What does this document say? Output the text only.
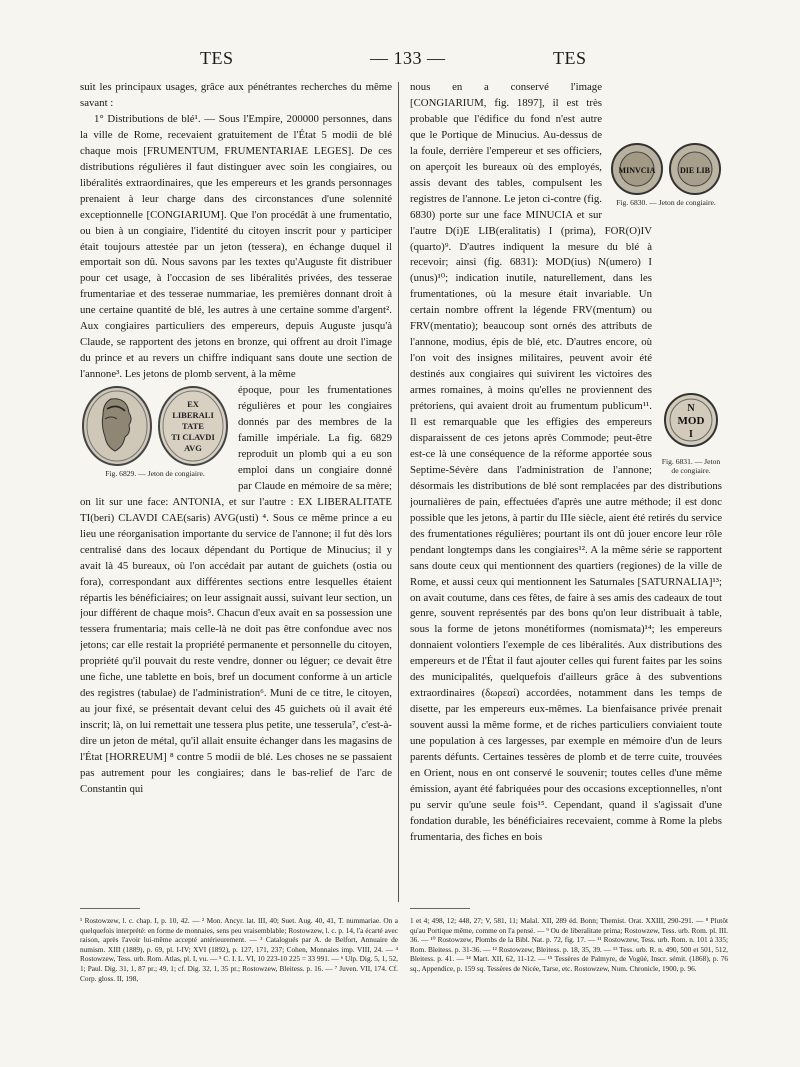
TES	— 133 —	TES

suit les principaux usages, grâce aux pénétrantes recherches du même savant :

1° Distributions de blé¹. — Sous l'Empire, 200000 personnes, dans la ville de Rome, recevaient gratuitement de l'État 5 modii de blé chaque mois [FRUMENTUM, FRUMENTARIAE LEGES]. De ces distributions régulières il faut distinguer avec soin les congiaires, ou libéralités extraordinaires, que les empereurs et les grands personnages prenaient à leur charge dans des circonstances d'une solennité exceptionnelle [CONGIARIUM]. Que l'on procédât à une frumentatio, ou bien à un congiaire, l'identité du citoyen inscrit pour y participer était toujours attestée par un jeton (tessera), en échange duquel il emportait son dû. Nous savons par les textes qu'Auguste fit distribuer pour cet usage, à l'occasion de ses libéralités privées, des tesserae frumentariae et des tesserae nummariae, les premières donnant droit à une certaine quantité de blé, les autres à une certaine somme d'argent². Aux congiaires particuliers des empereurs, depuis Auguste jusqu'à Claude, se rapportent des jetons en bronze, qui offrent au droit l'image du prince et au revers un chiffre indiquant sans doute une section de l'annone³. Les jetons de plomb servent, à la même

EX
LIBERALI
TATE
TI CLAVDI
AVG
Fig. 6829. — Jeton de congiaire.

époque, pour les frumentationes régulières et pour les congiaires donnés par des membres de la famille impériale. La fig. 6829 reproduit un plomb qui a eu son emploi dans un congiaire donné par Claude en mémoire de sa mère; on lit sur une face: ANTONIA, et sur l'autre : EX LIBERALITATE TI(beri) CLAVDI CAE(saris) AVG(usti) ⁴. Sous ce même prince a eu lieu une réorganisation importante du service de l'annone; il fut dès lors centralisé dans des locaux dépendant du Portique de Minucius; il y avait là 45 bureaux, où l'on accédait par autant de guichets (ostia ou fora), correspondant aux différentes sections entre lesquelles étaient répartis les bénéficiaires; on leur assignait aussi, suivant leur section, un jour différent de chaque mois⁵. Chacun d'eux avait en sa possession une tessera frumentaria; mais celle-là ne doit pas être confondue avec nos jetons; car elle restait la propriété permanente et personnelle du citoyen, propriété qu'il pouvait du reste vendre, donner ou léguer; ce devait être une fiche, une tablette en bois, bref un document conforme à un article des registres (tabulae) de l'administration⁶. Muni de ce titre, le citoyen, au jour fixé, se présentait devant celui des 45 guichets où il avait été inscrit; là, on lui remettait une tessera plus petite, une tesserula⁷, c'est-à-dire un jeton de métal, qu'il allait ensuite échanger dans les magasins de l'État [HORREUM] ⁸ contre 5 modii de blé. Les choses ne se passaient pas autrement pour les congiaires; dans le bas-relief de l'arc de Constantin qui

MINVCIA	DIE LIB
Fig. 6830. — Jeton de congiaire.
N
MOD
I
Fig. 6831. — Jeton de congiaire.

nous en a conservé l'image [CONGIARIUM, fig. 1897], il est très probable que l'édifice du fond n'est autre que le Portique de Minucius. Au-dessus de la foule, derrière l'empereur et ses officiers, on aperçoit les bureaux où des employés, assis devant des tables, compulsent les registres de l'annone. Le jeton ci-contre (fig. 6830) porte sur une face MINUCIA et sur l'autre D(i)E LIB(eralitatis) I (prima), FOR(O)IV (quarto)⁹. D'autres indiquent la mesure du blé à recevoir; ainsi (fig. 6831): MOD(ius) N(umero) I (unus)¹⁰; indication inutile, naturellement, dans les frumentationes, où la mesure était invariable. Un certain nombre offrent la légende FRV(mentum) ou FRV(mentatio); beaucoup sont ornés des attributs de l'annone, modius, épis de blé, etc. D'autres encore, où l'on voit des insignes militaires, peuvent avoir été destinés aux congiaires qui suivirent les victoires des armes romaines, à moins qu'elles ne proviennent des prétoriens, qui avaient droit au frumentum publicum¹¹. Il est remarquable que les effigies des empereurs disparaissent de ces jetons après Commode; peut-être est-ce là une conséquence de la réforme apportée sous Septime-Sévère dans l'administration de l'annone; désormais les distributions de blé sont remplacées par des distributions journalières de pain, effectuées d'après une autre méthode; il est donc possible que les jetons, à partir du IIIe siècle, aient été retirés du service des frumentationes régulières; pourtant ils ont dû jouer encore leur rôle pendant longtemps dans les congiaires¹². A la même série se rapportent sans doute ceux qui mentionnent des quartiers (regiones) de la ville de Rome, et aussi ceux qui mentionnent les Saturnales [SATURNALIA]¹³; on avait coutume, dans ces fêtes, de faire à ses amis des cadeaux de tout genre, souvent représentés par des bons qu'on leur distribuait à table, sous la forme de jetons monétiformes (nomismata)¹⁴; les empereurs donnaient volontiers l'exemple de ces libéralités. Aux distributions des empereurs et de l'État il faut ajouter celles qui furent faites par les soins des municipalités, quelquefois d'ailleurs grâce à des subventions extraordinaires (δωρεαί) accordées, notamment dans les temps de disette, par les empereurs eux-mêmes. La bienfaisance privée prenait souvent aussi la même forme, et de riches particuliers conviaient toute une population à ces largesses, par exemple en mémoire d'un de leurs parents défunts. Certaines tessères de plomb et de terre cuite, trouvées en Orient, nous en ont conservé le souvenir; toutes celles d'une même émission, ayant été fabriquées pour des occasions exceptionnelles, n'ont pu servir qu'une seule fois¹⁵. Cependant, quand il s'agissait d'une fondation durable, les bénéficiaires recevaient, comme à Rome la plebs frumentaria, des fiches en bois

¹ Rostowzew, l. c. chap. I, p. 10, 42. — ² Mon. Ancyr. lat. III, 40; Suet. Aug. 40, 41, T. nummariae. On a quelquefois interprété: en forme de monnaies, sens peu vraisemblable; Rostowzew, l. c. p. 14, l'a écarté avec raison, après l'avoir lui-même accepté antérieurement. — ³ Catalogués par A. de Belfort, Annuaire de numism. XIII (1889), p. 69, pl. I-IV; XVI (1892), p. 127, 171, 237; Cohen, Monnaies imp. VIII, 24. — ⁴ Rostowzew, Tess. urb. Rom. Atlas, pl. I, vu. — ⁵ C. I. L. VI, 10 223-10 225 = 33 991. — ⁶ Ulp. Dig. 5, 1, 52, 1; Paul. Dig. 31, 1, 87 pr.; 49, 1; cf. Dig. 32, 1, 35 pr.; Rostowzew, Bleitess. p. 16. — ⁷ Juven. VII, 174. Cf. Corp. gloss. II, 198,
1 et 4; 498, 12; 448, 27; V, 581, 11; Malal. XII, 289 éd. Bonn; Themist. Orat. XXIII, 290-291. — ⁸ Plutôt qu'au Portique même, comme on l'a pensé. — ⁹ Ou de liberalitate prima; Rostowzew, Tess. urb. Rom. pl. III. 36. — ¹⁰ Rostowzew, Plombs de la Bibl. Nat. p. 72, fig. 17. — ¹¹ Rostowzew, Tess. urb. Rom. n. 101 à 335; Rom. Bleitess. p. 31-36. — ¹² Rostowzew, Bleitess. p. 18, 35, 39. — ¹³ Tess. urb. R. n. 490, 500 et 501, 512, Bleitess. p. 41. — ¹⁴ Mart. XII, 62, 11-12. — ¹⁵ Tessères de Palmyre, de Vogüé, Inscr. sémit. (1868), p. 76 sq., Appendice, p. 159 sq. Tessères de Nicée, Tarse, etc. Rostowzew, Num. Chronicle, 1900, p. 96.
